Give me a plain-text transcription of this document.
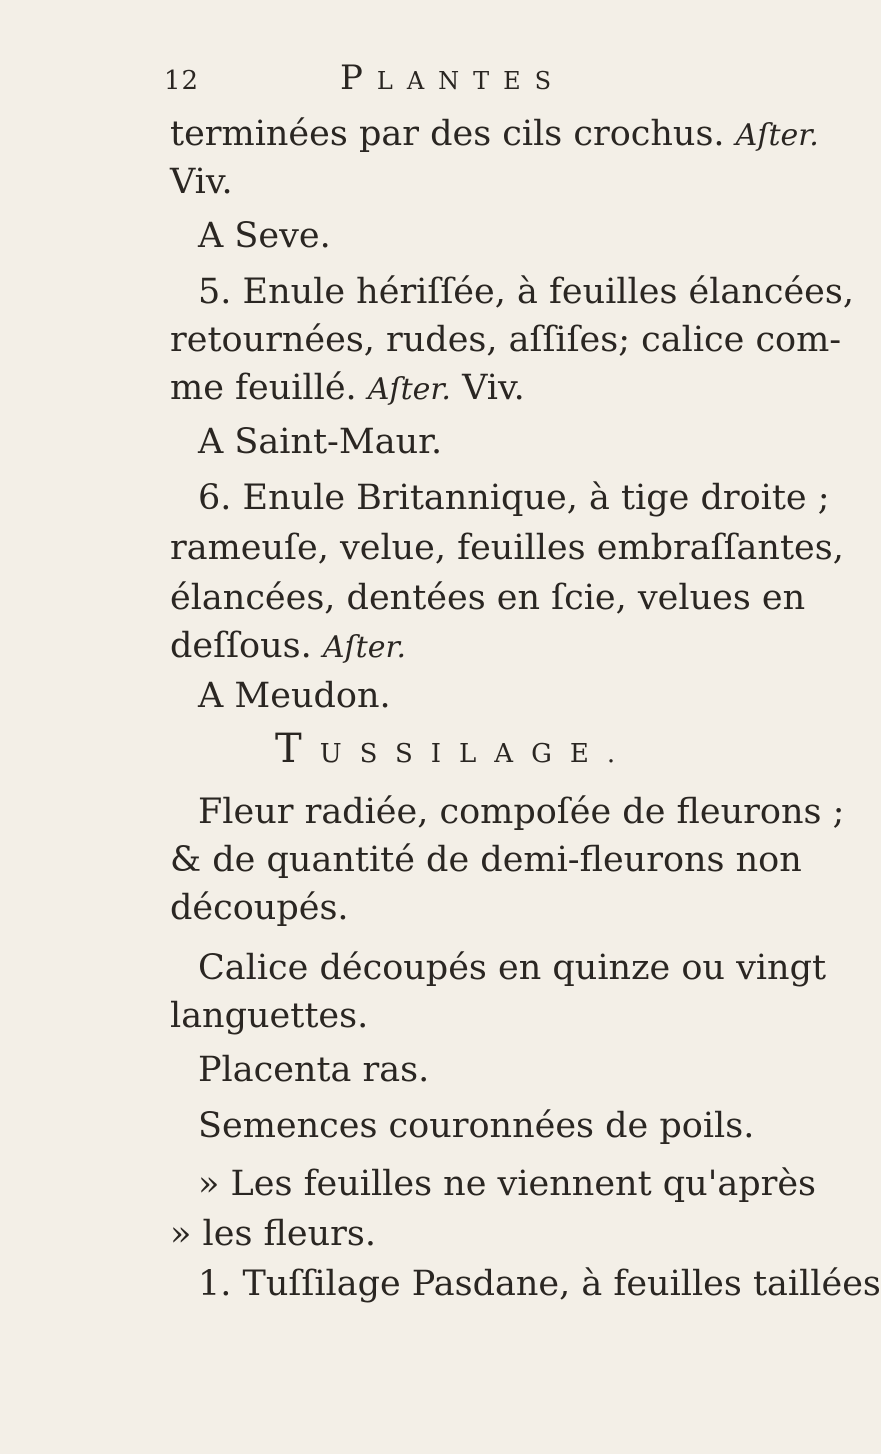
12	Plantes
terminées par des cils crochus. Aſter.
Viv.
A Seve.
5. Enule hériſſée, à feuilles élancées,
retournées, rudes, aſſiſes; calice com-
me feuillé. Aſter. Viv.
A Saint-Maur.
6. Enule Britannique, à tige droite ;
rameuſe, velue, feuilles embraſſantes,
élancées, dentées en ſcie, velues en
deſſous. Aſter.
A Meudon.
TUSSILAGE.
Fleur radiée, compoſée de fleurons ;
& de quantité de demi-fleurons non
découpés.
Calice découpés en quinze ou vingt
languettes.
Placenta ras.
Semences couronnées de poils.
» Les feuilles ne viennent qu'après
» les fleurs.
1. Tuſſilage Pasdane, à feuilles taillées
